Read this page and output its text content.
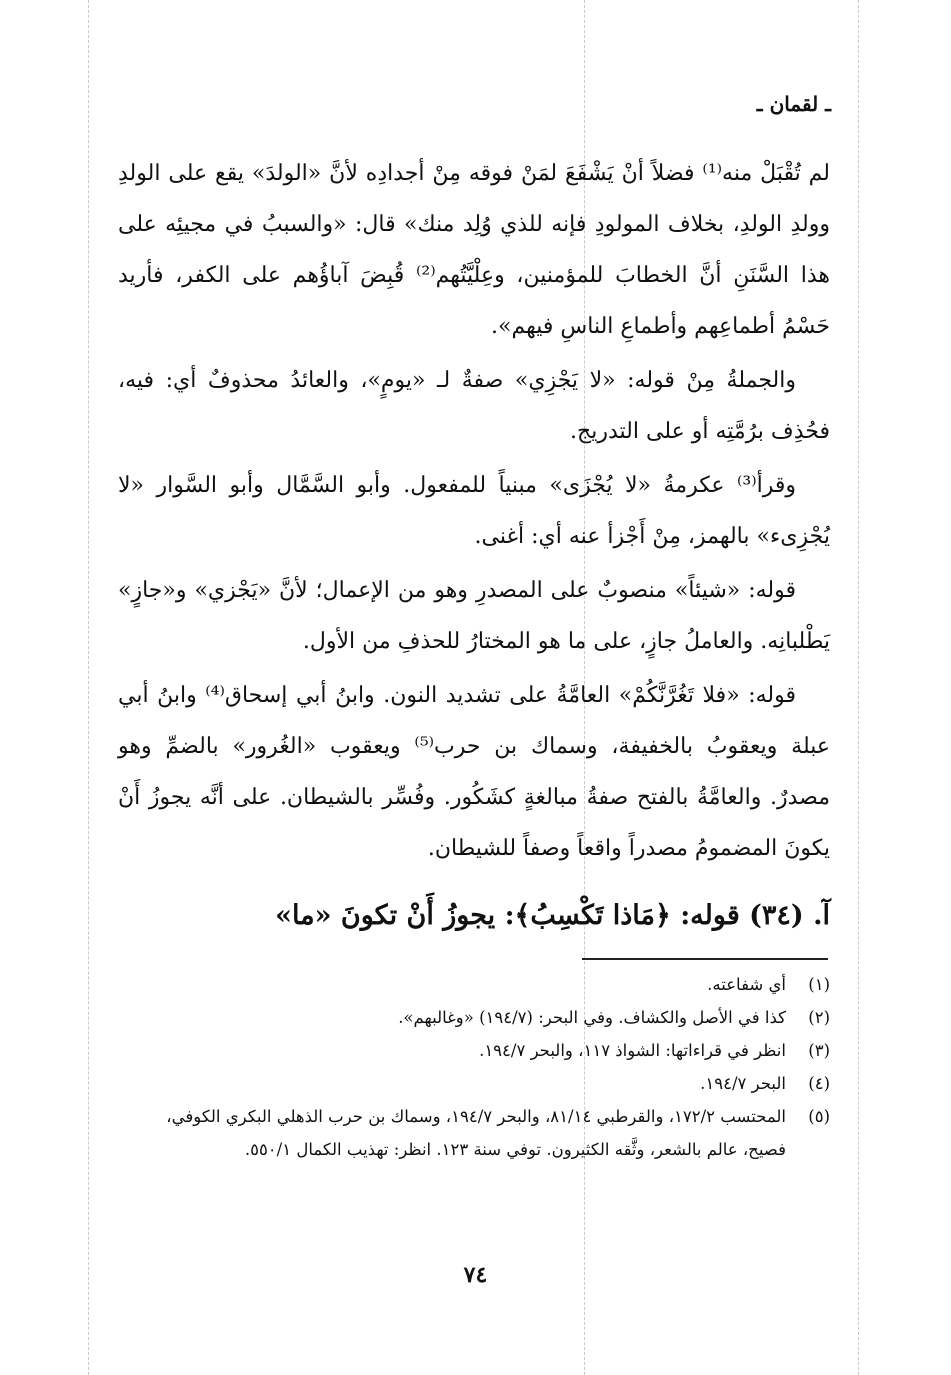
ـ لقمان ـ

لم تُقْبَلْ منه⁽¹⁾ فضلاً أنْ يَشْفَعَ لمَنْ فوقه مِنْ أجدادِه لأنَّ «الولدَ» يقع على الولدِ وولدِ الولدِ، بخلاف المولودِ فإنه للذي وُلِد منك» قال: «والسببُ في مجيئِه على هذا السَّنَنِ أنَّ الخطابَ للمؤمنين، وعِلْيَّتُهم⁽²⁾ قُبِضَ آباؤُهم على الكفر، فأريد حَسْمُ أطماعِهم وأطماعِ الناسِ فيهم».

والجملةُ مِنْ قوله: «لا يَجْزِي» صفةٌ لـ «يومٍ»، والعائدُ محذوفٌ أي: فيه، فحُذِف برُمَّتِه أو على التدريج.

وقرأ⁽³⁾ عكرمةُ «لا يُجْزَى» مبنياً للمفعول. وأبو السَّمَّال وأبو السَّوار «لا يُجْزِىء» بالهمز، مِنْ أَجْزأ عنه أي: أغنى.

قوله: «شيئاً» منصوبٌ على المصدرِ وهو من الإعمال؛ لأنَّ «يَجْزي» و«جازٍ» يَطْلبانِه. والعاملُ جازٍ، على ما هو المختارُ للحذفِ من الأول.

قوله: «فلا تَغُرَّنَّكُمْ» العامَّةُ على تشديد النون. وابنُ أبي إسحاق⁽⁴⁾ وابنُ أبي عبلة ويعقوبُ بالخفيفة، وسماك بن حرب⁽⁵⁾ ويعقوب «الغُرور» بالضمِّ وهو مصدرٌ. والعامَّةُ بالفتح صفةُ مبالغةٍ كشَكُور. وفُسِّر بالشيطان. على أنَّه يجوزُ أَنْ يكونَ المضمومُ مصدراً واقعاً وصفاً للشيطان.

آ. (٣٤) قوله: ﴿مَاذا تَكْسِبُ﴾: يجوزُ أَنْ تكونَ «ما»

(١)
أي شفاعته.
(٢)
كذا في الأصل والكشاف. وفي البحر: (١٩٤/٧) «وغالبهم».
(٣)
انظر في قراءاتها: الشواذ ١١٧، والبحر ١٩٤/٧.
(٤)
البحر ١٩٤/٧.
(٥)
المحتسب ١٧٢/٢، والقرطبي ٨١/١٤، والبحر ١٩٤/٧، وسماك بن حرب الذهلي البكري الكوفي، فصيح، عالم بالشعر، وثَّقه الكثيرون. توفي سنة ١٢٣. انظر: تهذيب الكمال ٥٥٠/١.
٧٤
